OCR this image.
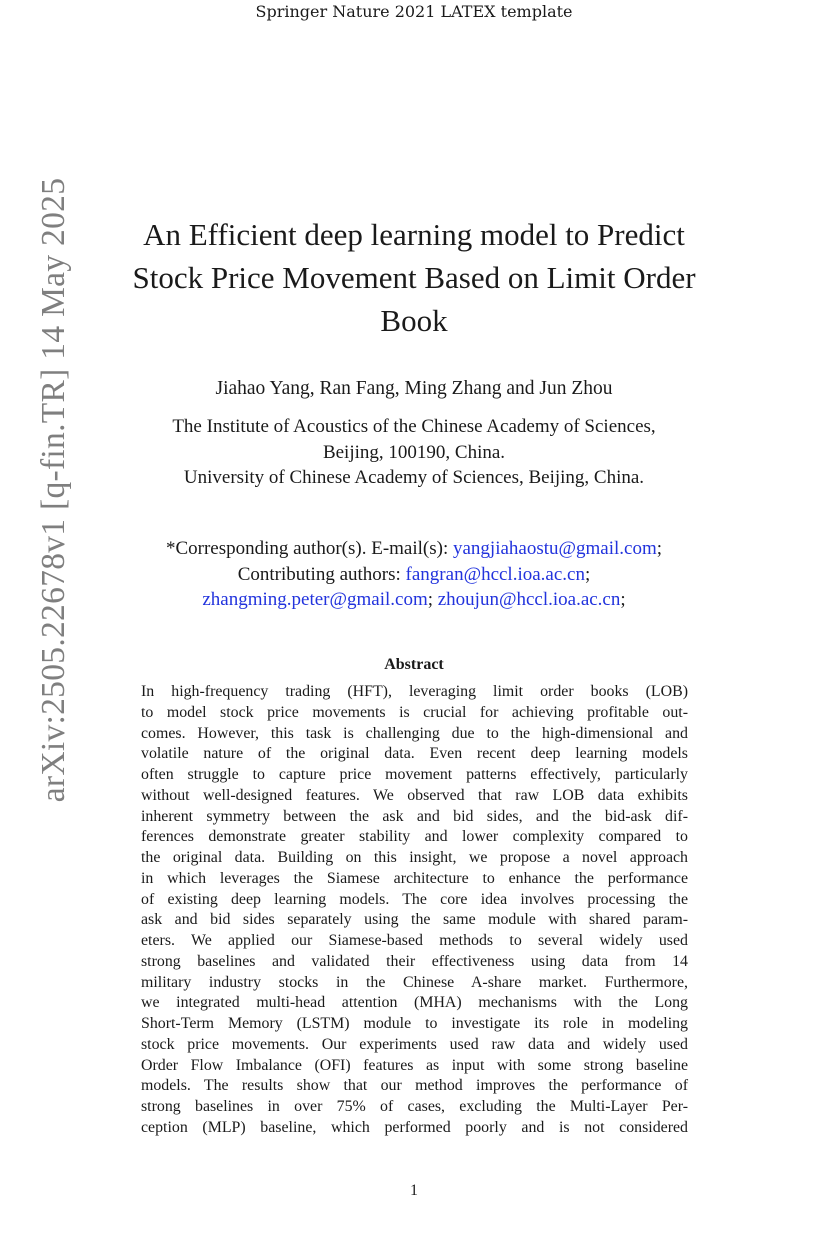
Springer Nature 2021 LATEX template
arXiv:2505.22678v1 [q-fin.TR] 14 May 2025	An Efficient deep learning model to Predict
Stock Price Movement Based on Limit Order
Book
Jiahao Yang, Ran Fang, Ming Zhang and Jun Zhou
The Institute of Acoustics of the Chinese Academy of Sciences,
Beijing, 100190, China.
University of Chinese Academy of Sciences, Beijing, China.
*Corresponding author(s). E-mail(s): yangjiahaostu@gmail.com;
Contributing authors: fangran@hccl.ioa.ac.cn;
zhangming.peter@gmail.com; zhoujun@hccl.ioa.ac.cn;
Abstract
In high-frequency trading (HFT), leveraging limit order books (LOB)
to model stock price movements is crucial for achieving profitable out-
comes. However, this task is challenging due to the high-dimensional and
volatile nature of the original data. Even recent deep learning models
often struggle to capture price movement patterns effectively, particularly
without well-designed features. We observed that raw LOB data exhibits
inherent symmetry between the ask and bid sides, and the bid-ask dif-
ferences demonstrate greater stability and lower complexity compared to
the original data. Building on this insight, we propose a novel approach
in which leverages the Siamese architecture to enhance the performance
of existing deep learning models. The core idea involves processing the
ask and bid sides separately using the same module with shared param-
eters. We applied our Siamese-based methods to several widely used
strong baselines and validated their effectiveness using data from 14
military industry stocks in the Chinese A-share market. Furthermore,
we integrated multi-head attention (MHA) mechanisms with the Long
Short-Term Memory (LSTM) module to investigate its role in modeling
stock price movements. Our experiments used raw data and widely used
Order Flow Imbalance (OFI) features as input with some strong baseline
models. The results show that our method improves the performance of
strong baselines in over 75% of cases, excluding the Multi-Layer Per-
ception (MLP) baseline, which performed poorly and is not considered
1
